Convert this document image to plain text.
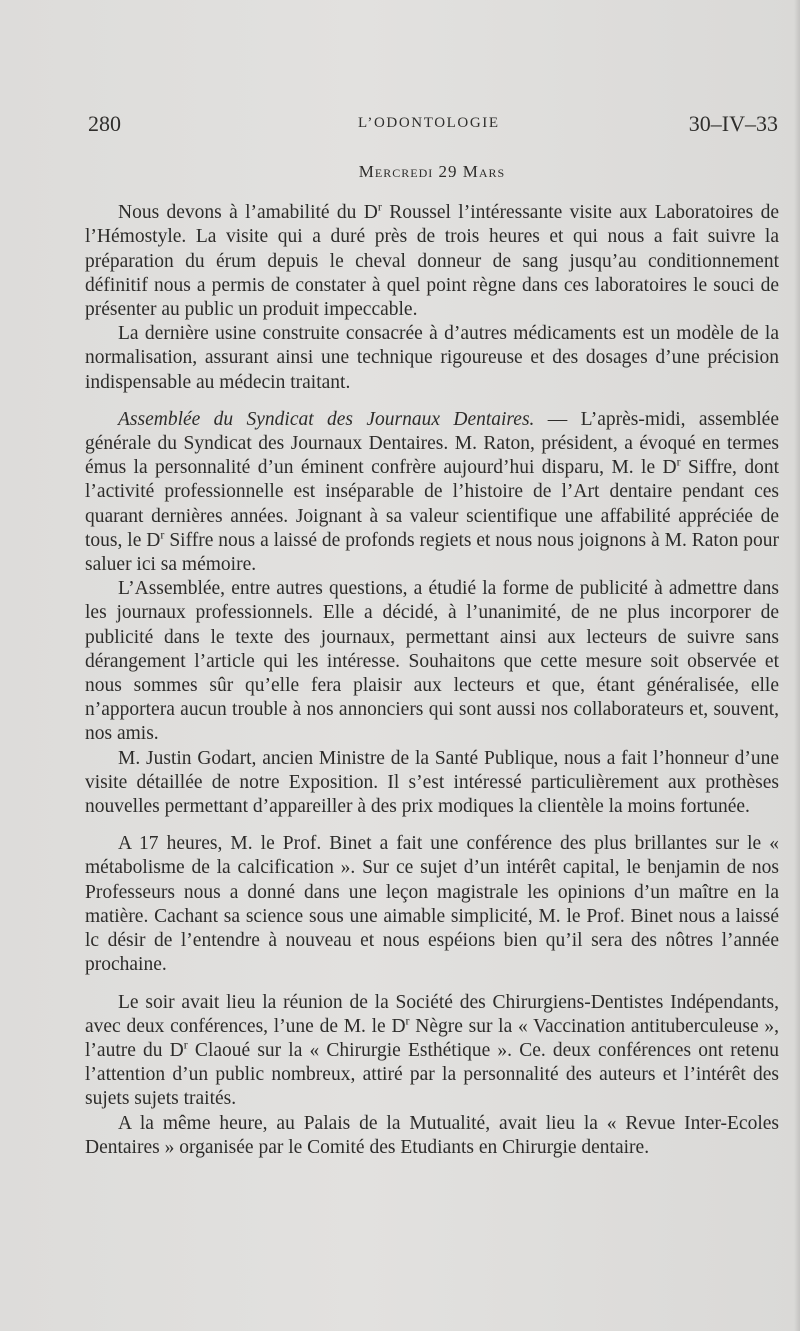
280	L’ODONTOLOGIE	30–IV–33
Mercredi 29 Mars

Nous devons à l’amabilité du $D^r$ Roussel l’intéressante visite aux Laboratoires de l’Hémostyle. La visite qui a duré près de trois heures et qui nous a fait suivre la préparation du érum depuis le cheval donneur de sang jusqu’au conditionnement définitif nous a permis de constater à quel point règne dans ces laboratoires le souci de présenter au public un produit impeccable.

La dernière usine construite consacrée à d’autres médicaments est un modèle de la normalisation, assurant ainsi une technique rigoureuse et des dosages d’une précision indispensable au médecin traitant.

Assemblée du Syndicat des Journaux Dentaires. — L’après-midi, assemblée générale du Syndicat des Journaux Dentaires. M. Raton, président, a évoqué en termes émus la personnalité d’un éminent confrère aujourd’hui disparu, M. le $D^r$ Siffre, dont l’activité professionnelle est inséparable de l’histoire de l’Art dentaire pendant ces quarant dernières années. Joignant à sa valeur scientifique une affabilité appréciée de tous, le $D^r$ Siffre nous a laissé de profonds regiets et nous nous joignons à M. Raton pour saluer ici sa mémoire.

L’Assemblée, entre autres questions, a étudié la forme de publicité à admettre dans les journaux professionnels. Elle a décidé, à l’unanimité, de ne plus incorporer de publicité dans le texte des journaux, permettant ainsi aux lecteurs de suivre sans dérangement l’article qui les intéresse. Souhaitons que cette mesure soit observée et nous sommes sûr qu’elle fera plaisir aux lecteurs et que, étant généralisée, elle n’apportera aucun trouble à nos annonciers qui sont aussi nos collaborateurs et, souvent, nos amis.

M. Justin Godart, ancien Ministre de la Santé Publique, nous a fait l’honneur d’une visite détaillée de notre Exposition. Il s’est intéressé particulièrement aux prothèses nouvelles permettant d’appareiller à des prix modiques la clientèle la moins fortunée.

A 17 heures, M. le Prof. Binet a fait une conférence des plus brillantes sur le « métabolisme de la calcification ». Sur ce sujet d’un intérêt capital, le benjamin de nos Professeurs nous a donné dans une leçon magistrale les opinions d’un maître en la matière. Cachant sa science sous une aimable simplicité, M. le Prof. Binet nous a laissé lc désir de l’entendre à nouveau et nous espéions bien qu’il sera des nôtres l’année prochaine.

Le soir avait lieu la réunion de la Société des Chirurgiens-Dentistes Indépendants, avec deux conférences, l’une de M. le $D^r$ Nègre sur la « Vaccination antituberculeuse », l’autre du $D^r$ Claoué sur la « Chirurgie Esthétique ». Ce. deux conférences ont retenu l’attention d’un public nombreux, attiré par la personnalité des auteurs et l’intérêt des sujets sujets traités.

A la même heure, au Palais de la Mutualité, avait lieu la « Revue Inter-Ecoles Dentaires » organisée par le Comité des Etudiants en Chirurgie dentaire.
